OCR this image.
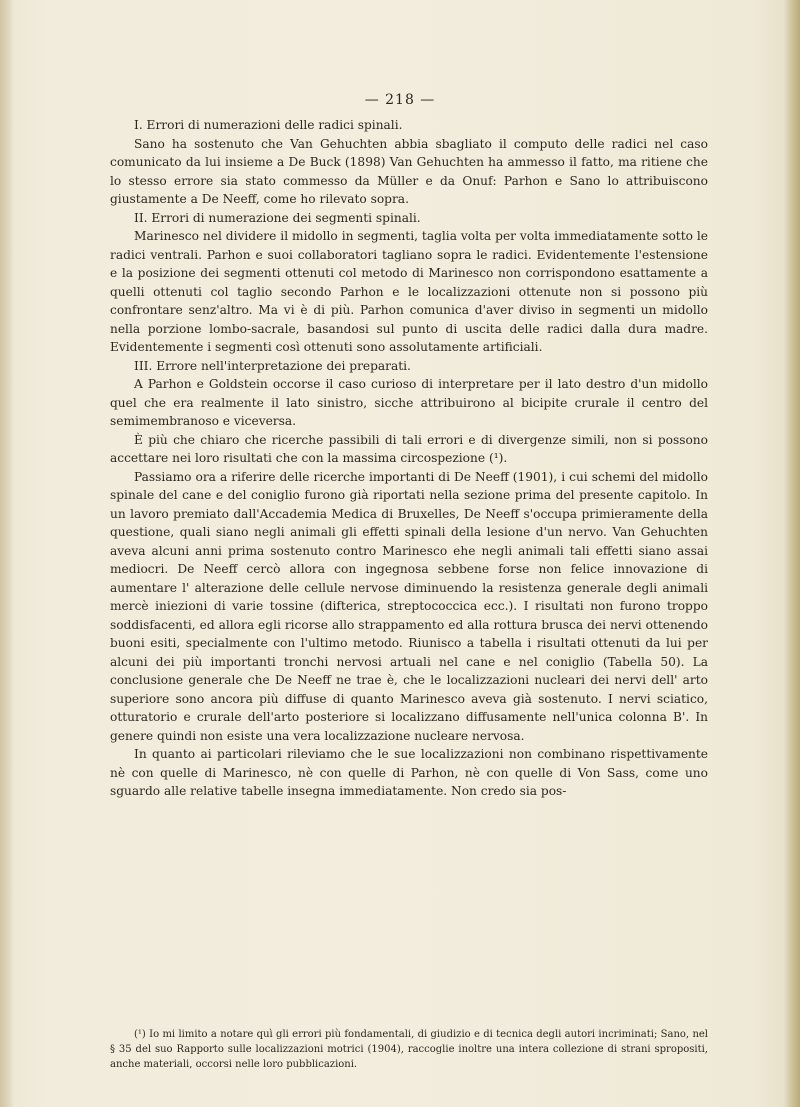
— 218 —

I. Errori di numerazioni delle radici spinali.

Sano ha sostenuto che Van Gehuchten abbia sbagliato il computo delle radici nel caso comunicato da lui insieme a De Buck (1898) Van Gehuchten ha ammesso il fatto, ma ritiene che lo stesso errore sia stato commesso da Müller e da Onuf: Parhon e Sano lo attribuiscono giustamente a De Neeff, come ho rilevato sopra.

II. Errori di numerazione dei segmenti spinali.

Marinesco nel dividere il midollo in segmenti, taglia volta per volta immediatamente sotto le radici ventrali. Parhon e suoi collaboratori tagliano sopra le radici. Evidentemente l'estensione e la posizione dei segmenti ottenuti col metodo di Marinesco non corrispondono esattamente a quelli ottenuti col taglio secondo Parhon e le localizzazioni ottenute non si possono più confrontare senz'altro. Ma vi è di più. Parhon comunica d'aver diviso in segmenti un midollo nella porzione lombo-sacrale, basandosi sul punto di uscita delle radici dalla dura madre. Evidentemente i segmenti così ottenuti sono assolutamente artificiali.

III. Errore nell'interpretazione dei preparati.

A Parhon e Goldstein occorse il caso curioso di interpretare per il lato destro d'un midollo quel che era realmente il lato sinistro, sicche attribuirono al bicipite crurale il centro del semimembranoso e viceversa.

È più che chiaro che ricerche passibili di tali errori e di divergenze simili, non si possono accettare nei loro risultati che con la massima circospezione (¹).

Passiamo ora a riferire delle ricerche importanti di De Neeff (1901), i cui schemi del midollo spinale del cane e del coniglio furono già riportati nella sezione prima del presente capitolo. In un lavoro premiato dall'Accademia Medica di Bruxelles, De Neeff s'occupa primieramente della questione, quali siano negli animali gli effetti spinali della lesione d'un nervo. Van Gehuchten aveva alcuni anni prima sostenuto contro Marinesco ehe negli animali tali effetti siano assai mediocri. De Neeff cercò allora con ingegnosa sebbene forse non felice innovazione di aumentare l' alterazione delle cellule nervose diminuendo la resistenza generale degli animali mercè iniezioni di varie tossine (difterica, streptococcica ecc.). I risultati non furono troppo soddisfacenti, ed allora egli ricorse allo strappamento ed alla rottura brusca dei nervi ottenendo buoni esiti, specialmente con l'ultimo metodo. Riunisco a tabella i risultati ottenuti da lui per alcuni dei più importanti tronchi nervosi artuali nel cane e nel coniglio (Tabella 50). La conclusione generale che De Neeff ne trae è, che le localizzazioni nucleari dei nervi dell' arto superiore sono ancora più diffuse di quanto Marinesco aveva già sostenuto. I nervi sciatico, otturatorio e crurale dell'arto posteriore si localizzano diffusamente nell'unica colonna B'. In genere quindi non esiste una vera localizzazione nucleare nervosa.

In quanto ai particolari rileviamo che le sue localizzazioni non combinano rispettivamente nè con quelle di Marinesco, nè con quelle di Parhon, nè con quelle di Von Sass, come uno sguardo alle relative tabelle insegna immediatamente. Non credo sia pos-

(¹) Io mi limito a notare quì gli errori più fondamentali, di giudizio e di tecnica degli autori incriminati; Sano, nel § 35 del suo Rapporto sulle localizzazioni motrici (1904), raccoglie inoltre una intera collezione di strani spropositi, anche materiali, occorsi nelle loro pubblicazioni.
